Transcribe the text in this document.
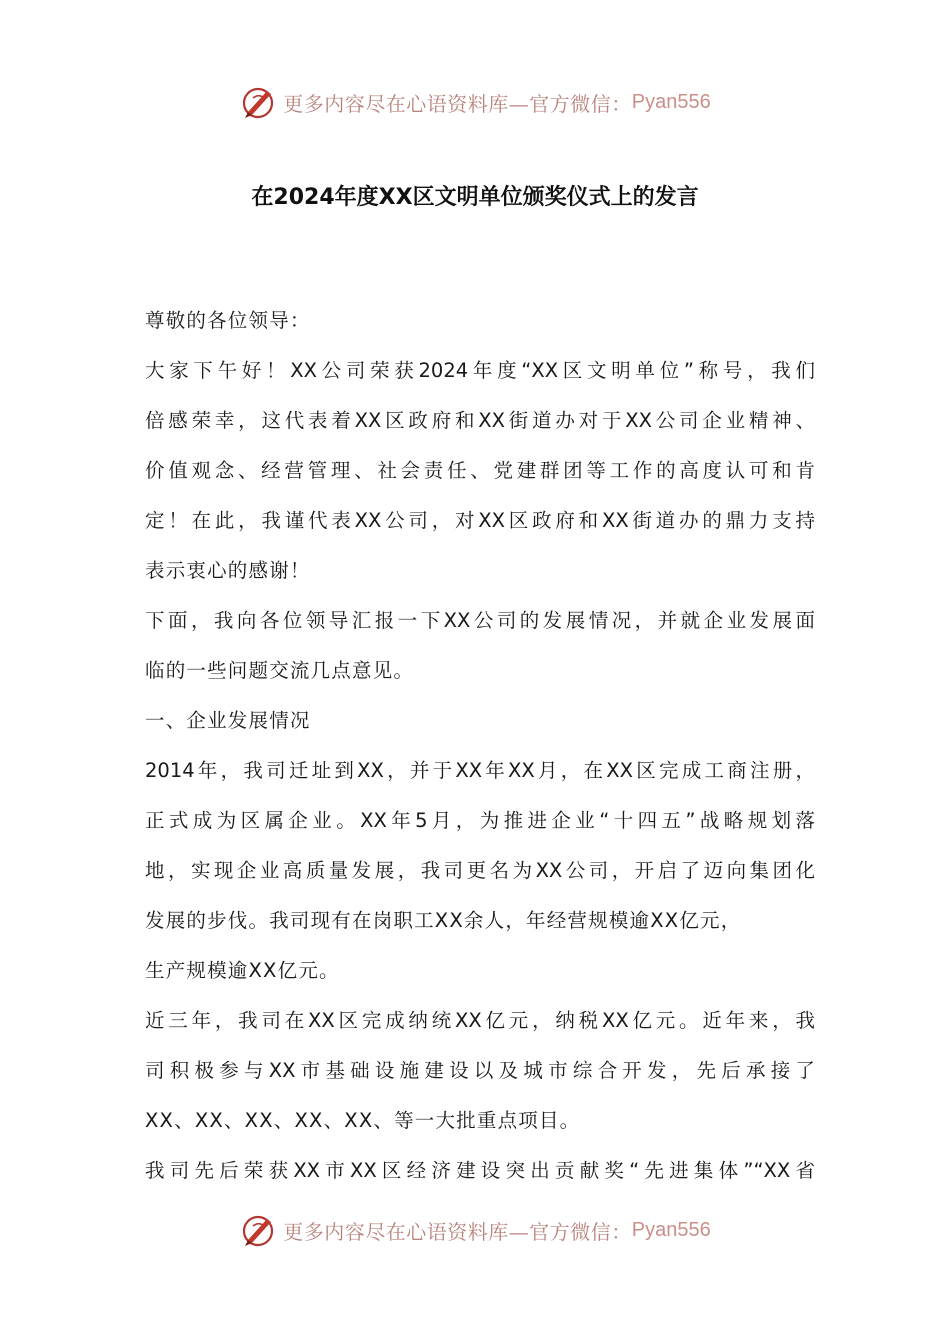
更多内容尽在心语资料库—官方微信： Pyan556
在2024年度XX区文明单位颁奖仪式上的发言
尊敬的各位领导：
大家下午好！XX公司荣获2024年度“XX区文明单位”称号，我们
倍感荣幸，这代表着XX区政府和XX街道办对于XX公司企业精神、
价值观念、经营管理、社会责任、党建群团等工作的高度认可和肯
定！在此，我谨代表XX公司，对XX区政府和XX街道办的鼎力支持
表示衷心的感谢！
下面，我向各位领导汇报一下XX公司的发展情况，并就企业发展面
临的一些问题交流几点意见。
一、企业发展情况
2014年，我司迁址到XX，并于XX年XX月，在XX区完成工商注册，
正式成为区属企业。XX年5月，为推进企业“十四五”战略规划落
地，实现企业高质量发展，我司更名为XX公司，开启了迈向集团化
发展的步伐。我司现有在岗职工XX余人，年经营规模逾XX亿元，
生产规模逾XX亿元。
近三年，我司在XX区完成纳统XX亿元，纳税XX亿元。近年来，我
司积极参与XX市基础设施建设以及城市综合开发，先后承接了
XX、XX、XX、XX、XX、等一大批重点项目。
我司先后荣获XX市XX区经济建设突出贡献奖“先进集体”“XX省
更多内容尽在心语资料库—官方微信： Pyan556
